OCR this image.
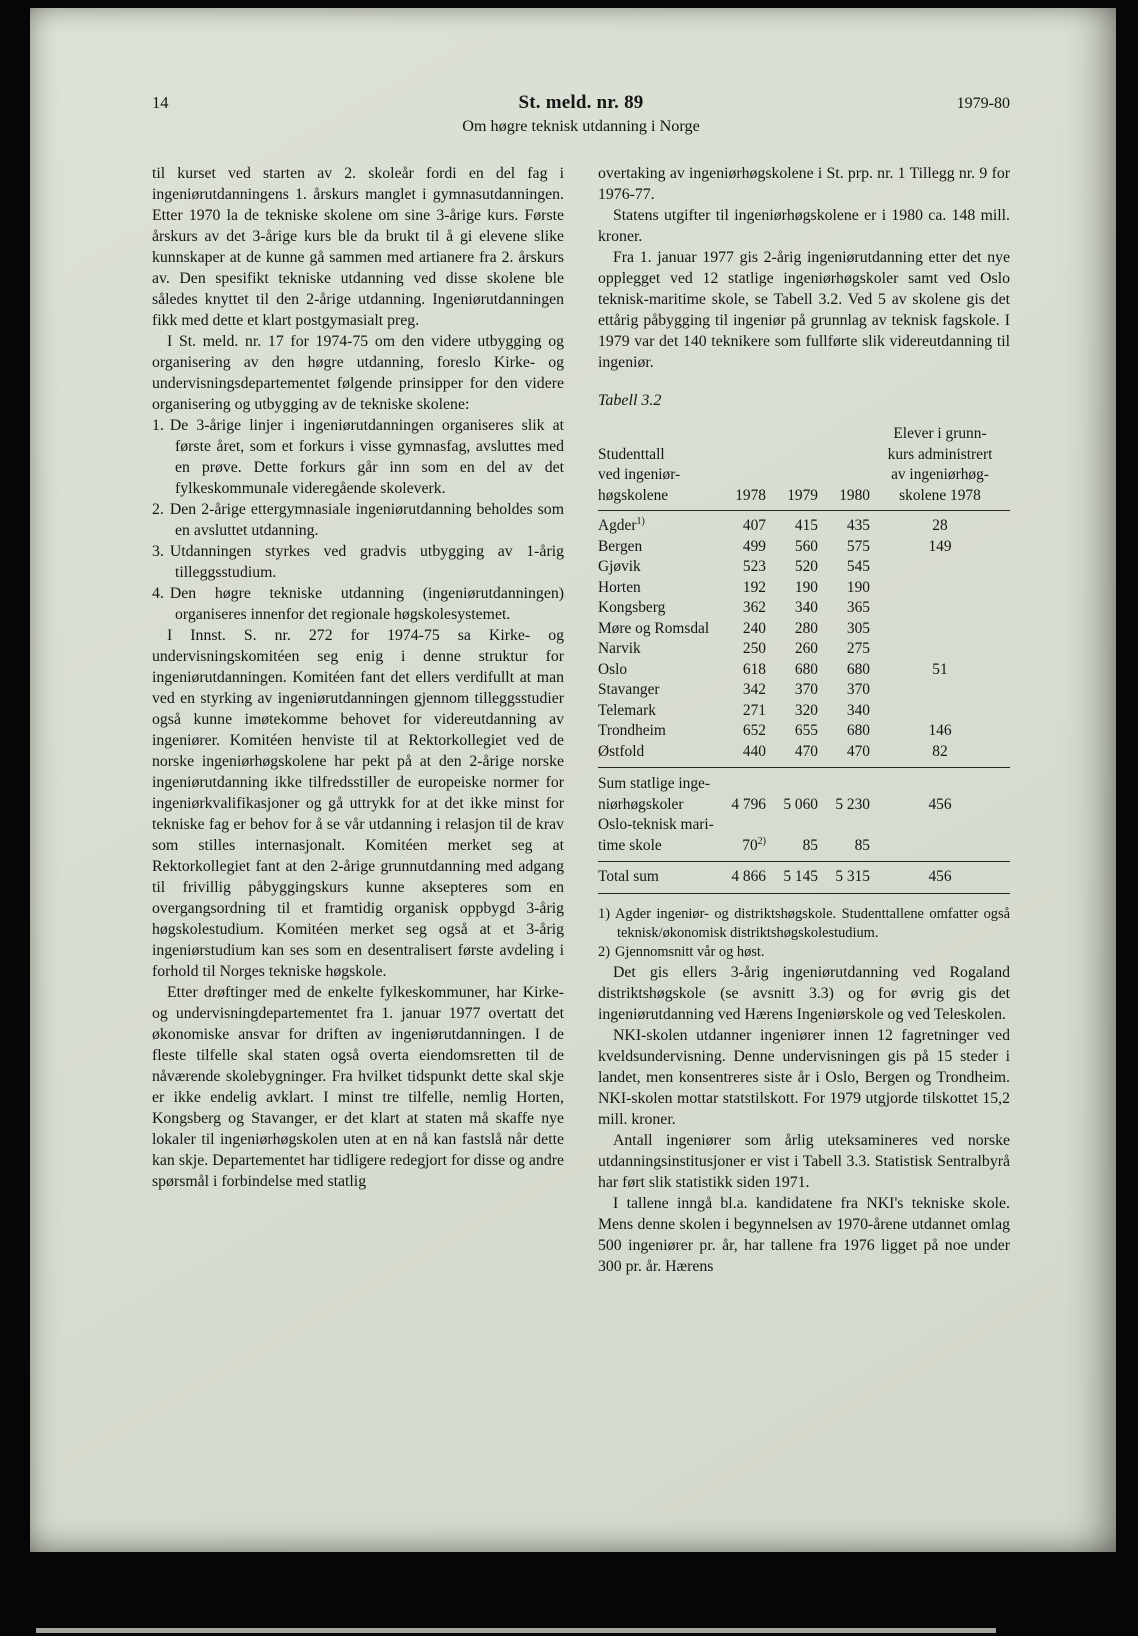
14	St. meld. nr. 89	1979-80
Om høgre teknisk utdanning i Norge

til kurset ved starten av 2. skoleår fordi en del fag i ingeniørutdanningens 1. årskurs manglet i gymnasutdanningen. Etter 1970 la de tekniske skolene om sine 3-årige kurs. Første årskurs av det 3-årige kurs ble da brukt til å gi elevene slike kunnskaper at de kunne gå sammen med artianere fra 2. årskurs av. Den spesifikt tekniske utdanning ved disse skolene ble således knyttet til den 2-årige utdanning. Ingeniørutdanningen fikk med dette et klart postgymasialt preg.

I St. meld. nr. 17 for 1974-75 om den videre utbygging og organisering av den høgre utdanning, foreslo Kirke- og undervisningsdepartementet følgende prinsipper for den videre organisering og utbygging av de tekniske skolene:

1. De 3-årige linjer i ingeniørutdanningen organiseres slik at første året, som et forkurs i visse gymnasfag, avsluttes med en prøve. Dette forkurs går inn som en del av det fylkeskommunale videregående skoleverk.
2. Den 2-årige ettergymnasiale ingeniørutdanning beholdes som en avsluttet utdanning.
3. Utdanningen styrkes ved gradvis utbygging av 1-årig tilleggsstudium.
4. Den høgre tekniske utdanning (ingeniørutdanningen) organiseres innenfor det regionale høgskolesystemet.

I Innst. S. nr. 272 for 1974-75 sa Kirke- og undervisningskomitéen seg enig i denne struktur for ingeniørutdanningen. Komitéen fant det ellers verdifullt at man ved en styrking av ingeniørutdanningen gjennom tilleggsstudier også kunne imøtekomme behovet for videreutdanning av ingeniører. Komitéen henviste til at Rektorkollegiet ved de norske ingeniørhøgskolene har pekt på at den 2-årige norske ingeniørutdanning ikke tilfredsstiller de europeiske normer for ingeniørkvalifikasjoner og gå uttrykk for at det ikke minst for tekniske fag er behov for å se vår utdanning i relasjon til de krav som stilles internasjonalt. Komitéen merket seg at Rektorkollegiet fant at den 2-årige grunnutdanning med adgang til frivillig påbyggingskurs kunne aksepteres som en overgangsordning til et framtidig organisk oppbygd 3-årig høgskolestudium. Komitéen merket seg også at et 3-årig ingeniørstudium kan ses som en desentralisert første avdeling i forhold til Norges tekniske høgskole.

Etter drøftinger med de enkelte fylkeskommuner, har Kirke- og undervisningdepartementet fra 1. januar 1977 overtatt det økonomiske ansvar for driften av ingeniørutdanningen. I de fleste tilfelle skal staten også overta eiendomsretten til de nåværende skolebygninger. Fra hvilket tidspunkt dette skal skje er ikke endelig avklart. I minst tre tilfelle, nemlig Horten, Kongsberg og Stavanger, er det klart at staten må skaffe nye lokaler til ingeniørhøgskolen uten at en nå kan fastslå når dette kan skje. Departementet har tidligere redegjort for disse og andre spørsmål i forbindelse med statlig

overtaking av ingeniørhøgskolene i St. prp. nr. 1 Tillegg nr. 9 for 1976-77.

Statens utgifter til ingeniørhøgskolene er i 1980 ca. 148 mill. kroner.

Fra 1. januar 1977 gis 2-årig ingeniørutdanning etter det nye opplegget ved 12 statlige ingeniørhøgskoler samt ved Oslo teknisk-maritime skole, se Tabell 3.2. Ved 5 av skolene gis det ettårig påbygging til ingeniør på grunnlag av teknisk fagskole. I 1979 var det 140 teknikere som fullførte slik videreutdanning til ingeniør.

Tabell 3.2
Studenttall
ved ingeniør-
høgskolene	1978	1979	1980	Elever i grunn-
kurs administrert
av ingeniørhøg-
skolene 1978

Agder$^{1)}$	407	415	435	28
Bergen	499	560	575	149
Gjøvik	523	520	545	
Horten	192	190	190	
Kongsberg	362	340	365	
Møre og Romsdal	240	280	305	
Narvik	250	260	275	
Oslo	618	680	680	51
Stavanger	342	370	370	
Telemark	271	320	340	
Trondheim	652	655	680	146
Østfold	440	470	470	82

Sum statlige inge-
niørhøgskoler	4 796	5 060	5 230	456

Oslo-teknisk mari-
time skole	70$^{2)}$	85	85	
Total sum	4 866	5 145	5 315	456
1) Agder ingeniør- og distriktshøgskole. Studenttallene omfatter også teknisk/økonomisk distriktshøgskolestudium.
2) Gjennomsnitt vår og høst.

Det gis ellers 3-årig ingeniørutdanning ved Rogaland distriktshøgskole (se avsnitt 3.3) og for øvrig gis det ingeniørutdanning ved Hærens Ingeniørskole og ved Teleskolen.

NKI-skolen utdanner ingeniører innen 12 fagretninger ved kveldsundervisning. Denne undervisningen gis på 15 steder i landet, men konsentreres siste år i Oslo, Bergen og Trondheim. NKI-skolen mottar statstilskott. For 1979 utgjorde tilskottet 15,2 mill. kroner.

Antall ingeniører som årlig uteksamineres ved norske utdanningsinstitusjoner er vist i Tabell 3.3. Statistisk Sentralbyrå har ført slik statistikk siden 1971.

I tallene inngå bl.a. kandidatene fra NKI's tekniske skole. Mens denne skolen i begynnelsen av 1970-årene utdannet omlag 500 ingeniører pr. år, har tallene fra 1976 ligget på noe under 300 pr. år. Hærens
